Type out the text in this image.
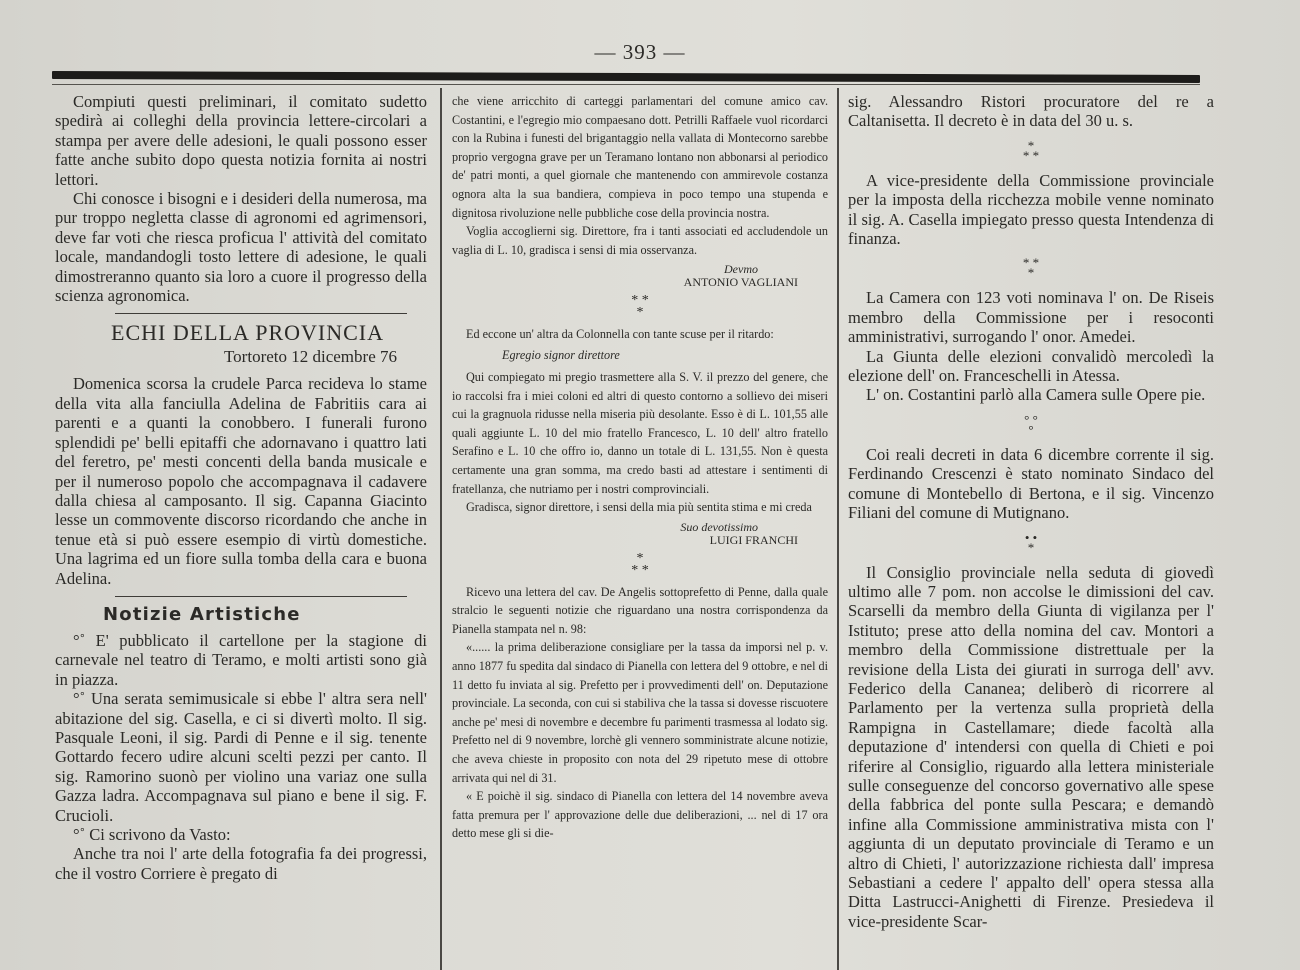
— 393 —

Compiuti questi preliminari, il comitato sudetto spedirà ai colleghi della provincia lettere-circolari a stampa per avere delle adesioni, le quali possono esser fatte anche subito dopo questa notizia fornita ai nostri lettori.

Chi conosce i bisogni e i desideri della numerosa, ma pur troppo negletta classe di agronomi ed agrimensori, deve far voti che riesca proficua l' attività del comitato locale, mandandogli tosto lettere di adesione, le quali dimostreranno quanto sia loro a cuore il progresso della scienza agronomica.

ECHI DELLA PROVINCIA
Tortoreto 12 dicembre 76

Domenica scorsa la crudele Parca recideva lo stame della vita alla fanciulla Adelina de Fabritiis cara ai parenti e a quanti la conobbero. I funerali furono splendidi pe' belli epitaffi che adornavano i quattro lati del feretro, pe' mesti concenti della banda musicale e per il numeroso popolo che accompagnava il cadavere dalla chiesa al camposanto. Il sig. Capanna Giacinto lesse un commovente discorso ricordando che anche in tenue età si può essere esempio di virtù domestiche. Una lagrima ed un fiore sulla tomba della cara e buona Adelina.

Notizie Artistiche

°˚ E' pubblicato il cartellone per la stagione di carnevale nel teatro di Teramo, e molti artisti sono già in piazza.

°˚ Una serata semimusicale si ebbe l' altra sera nell' abitazione del sig. Casella, e ci si divertì molto. Il sig. Pasquale Leoni, il sig. Pardi di Penne e il sig. tenente Gottardo fecero udire alcuni scelti pezzi per canto. Il sig. Ramorino suonò per violino una variaz one sulla Gazza ladra. Accompagnava sul piano e bene il sig. F. Crucioli.

°˚ Ci scrivono da Vasto:

Anche tra noi l' arte della fotografia fa dei progressi, che il vostro Corriere è pregato di

che viene arricchito di carteggi parlamentari del comune amico cav. Costantini, e l'egregio mio compaesano dott. Petrilli Raffaele vuol ricordarci con la Rubina i funesti del brigantaggio nella vallata di Montecorno sarebbe proprio vergogna grave per un Teramano lontano non abbonarsi al periodico de' patri monti, a quel giornale che mantenendo con ammirevole costanza ognora alta la sua bandiera, compieva in poco tempo una stupenda e dignitosa rivoluzione nelle pubbliche cose della provincia nostra.

Voglia accoglierni sig. Direttore, fra i tanti associati ed accludendole un vaglia di L. 10, gradisca i sensi di mia osservanza.

Devmo
ANTONIO VAGLIANI
* *
*

Ed eccone un' altra da Colonnella con tante scuse per il ritardo:

Egregio signor direttore

Qui compiegato mi pregio trasmettere alla S. V. il prezzo del genere, che io raccolsi fra i miei coloni ed altri di questo contorno a sollievo dei miseri cui la gragnuola ridusse nella miseria più desolante. Esso è di L. 101,55 alle quali aggiunte L. 10 del mio fratello Francesco, L. 10 dell' altro fratello Serafino e L. 10 che offro io, danno un totale di L. 131,55. Non è questa certamente una gran somma, ma credo basti ad attestare i sentimenti di fratellanza, che nutriamo per i nostri comprovinciali.

Gradisca, signor direttore, i sensi della mia più sentita stima e mi creda

Suo devotissimo
LUIGI FRANCHI
*
* *

Ricevo una lettera del cav. De Angelis sottoprefetto di Penne, dalla quale stralcio le seguenti notizie che riguardano una nostra corrispondenza da Pianella stampata nel n. 98:

«...... la prima deliberazione consigliare per la tassa da imporsi nel p. v. anno 1877 fu spedita dal sindaco di Pianella con lettera del 9 ottobre, e nel di 11 detto fu inviata al sig. Prefetto per i provvedimenti dell' on. Deputazione provinciale. La seconda, con cui si stabiliva che la tassa si dovesse riscuotere anche pe' mesi di novembre e decembre fu parimenti trasmessa al lodato sig. Prefetto nel di 9 novembre, lorchè gli vennero somministrate alcune notizie, che aveva chieste in proposito con nota del 29 ripetuto mese di ottobre arrivata qui nel di 31.

« E poichè il sig. sindaco di Pianella con lettera del 14 novembre aveva fatta premura per l' approvazione delle due deliberazioni, ... nel di 17 ora detto mese gli si die-

sig. Alessandro Ristori procuratore del re a Caltanisetta. Il decreto è in data del 30 u. s.

*
* *

A vice-presidente della Commissione provinciale per la imposta della ricchezza mobile venne nominato il sig. A. Casella impiegato presso questa Intendenza di finanza.

* *
*

La Camera con 123 voti nominava l' on. De Riseis membro della Commissione per i resoconti amministrativi, surrogando l' onor. Amedei.

La Giunta delle elezioni convalidò mercoledì la elezione dell' on. Franceschelli in Atessa.

L' on. Costantini parlò alla Camera sulle Opere pie.

° °
°

Coi reali decreti in data 6 dicembre corrente il sig. Ferdinando Crescenzi è stato nominato Sindaco del comune di Montebello di Bertona, e il sig. Vincenzo Filiani del comune di Mutignano.

• •
*

Il Consiglio provinciale nella seduta di giovedì ultimo alle 7 pom. non accolse le dimissioni del cav. Scarselli da membro della Giunta di vigilanza per l' Istituto; prese atto della nomina del cav. Montori a membro della Commissione distrettuale per la revisione della Lista dei giurati in surroga dell' avv. Federico della Cananea; deliberò di ricorrere al Parlamento per la vertenza sulla proprietà della Rampigna in Castellamare; diede facoltà alla deputazione d' intendersi con quella di Chieti e poi riferire al Consiglio, riguardo alla lettera ministeriale sulle conseguenze del concorso governativo alle spese della fabbrica del ponte sulla Pescara; e demandò infine alla Commissione amministrativa mista con l' aggiunta di un deputato provinciale di Teramo e un altro di Chieti, l' autorizzazione richiesta dall' impresa Sebastiani a cedere l' appalto dell' opera stessa alla Ditta Lastrucci-Anighetti di Firenze. Presiedeva il vice-presidente Scar-
